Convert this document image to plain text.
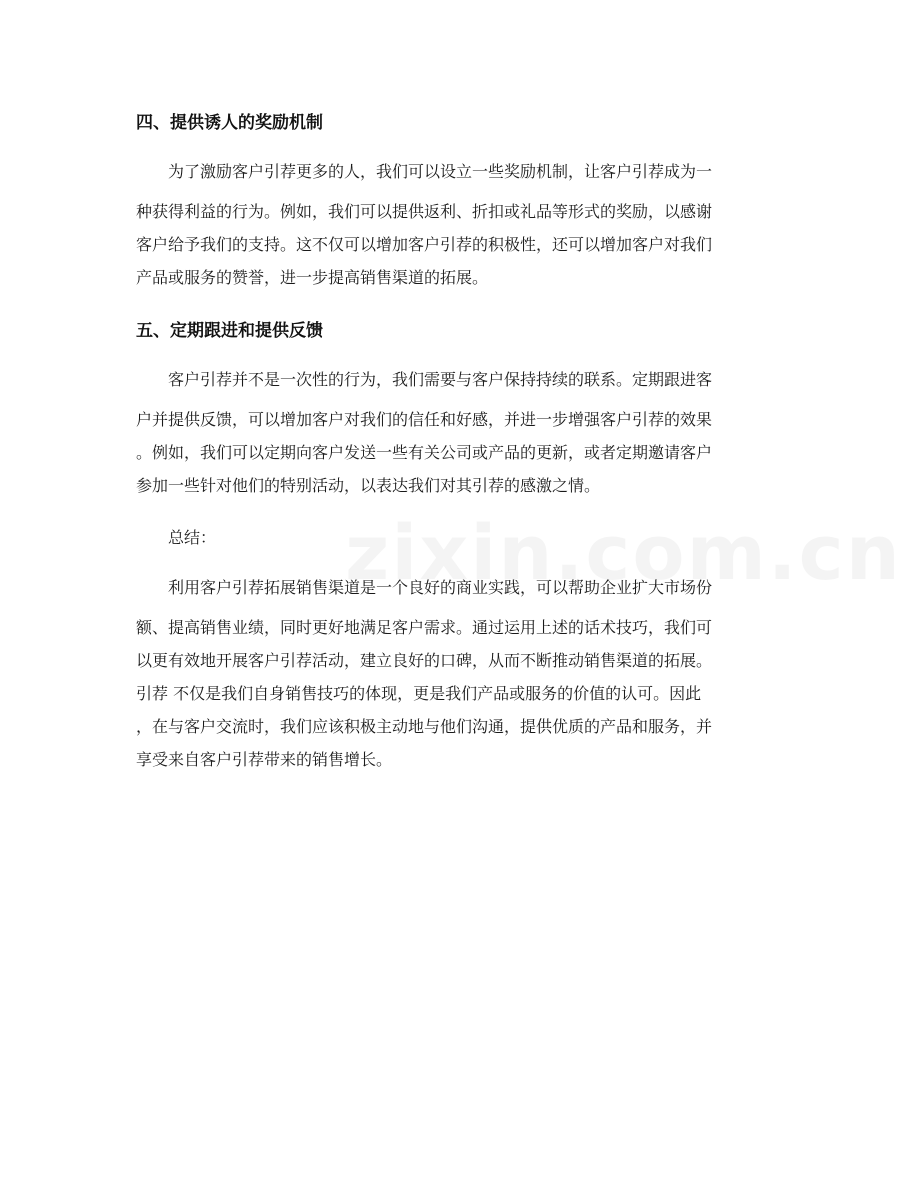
四、提供诱人的奖励机制
为了激励客户引荐更多的人，我们可以设立一些奖励机制，让客户引荐成为一
种获得利益的行为。例如，我们可以提供返利、折扣或礼品等形式的奖励，以感谢
客户给予我们的支持。这不仅可以增加客户引荐的积极性，还可以增加客户对我们
产品或服务的赞誉，进一步提高销售渠道的拓展。
五、定期跟进和提供反馈
客户引荐并不是一次性的行为，我们需要与客户保持持续的联系。定期跟进客
户并提供反馈，可以增加客户对我们的信任和好感，并进一步增强客户引荐的效果
。例如，我们可以定期向客户发送一些有关公司或产品的更新，或者定期邀请客户
参加一些针对他们的特别活动，以表达我们对其引荐的感激之情。
总结：
利用客户引荐拓展销售渠道是一个良好的商业实践，可以帮助企业扩大市场份
额、提高销售业绩，同时更好地满足客户需求。通过运用上述的话术技巧，我们可
以更有效地开展客户引荐活动，建立良好的口碑，从而不断推动销售渠道的拓展。
引荐 不仅是我们自身销售技巧的体现，更是我们产品或服务的价值的认可。因此
，在与客户交流时，我们应该积极主动地与他们沟通，提供优质的产品和服务，并
享受来自客户引荐带来的销售增长。
